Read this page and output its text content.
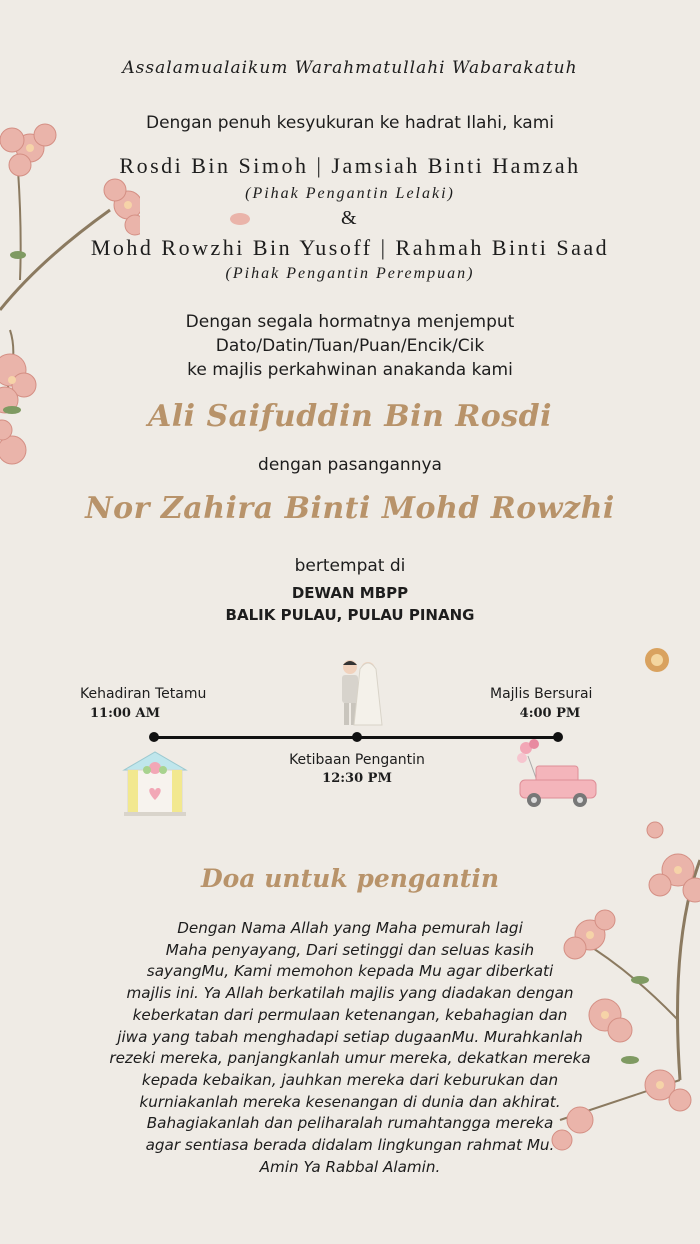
Assalamualaikum Warahmatullahi Wabarakatuh
Dengan penuh kesyukuran ke hadrat Ilahi, kami
Rosdi Bin Simoh | Jamsiah Binti Hamzah
(Pihak Pengantin Lelaki)
&
Mohd Rowzhi Bin Yusoff | Rahmah Binti Saad
(Pihak Pengantin Perempuan)
Dengan segala hormatnya menjemput
Dato/Datin/Tuan/Puan/Encik/Cik
ke majlis perkahwinan anakanda kami
Ali Saifuddin Bin Rosdi
dengan pasangannya
Nor Zahira Binti Mohd Rowzhi
bertempat di
DEWAN MBPP
BALIK PULAU, PULAU PINANG
Kehadiran Tetamu
11:00 AM
Majlis Bersurai
4:00 PM
Ketibaan Pengantin
12:30 PM
Doa untuk pengantin
Dengan Nama Allah yang Maha pemurah lagi
Maha penyayang, Dari setinggi dan seluas kasih
sayangMu, Kami memohon kepada Mu agar diberkati
majlis ini. Ya Allah berkatilah majlis yang diadakan dengan
keberkatan dari permulaan ketenangan, kebahagian dan
jiwa yang tabah menghadapi setiap dugaanMu. Murahkanlah
rezeki mereka, panjangkanlah umur mereka, dekatkan mereka
kepada kebaikan, jauhkan mereka dari keburukan dan
kurniakanlah mereka kesenangan di dunia dan akhirat.
Bahagiakanlah dan peliharalah rumahtangga mereka
agar sentiasa berada didalam lingkungan rahmat Mu.
Amin Ya Rabbal Alamin.
